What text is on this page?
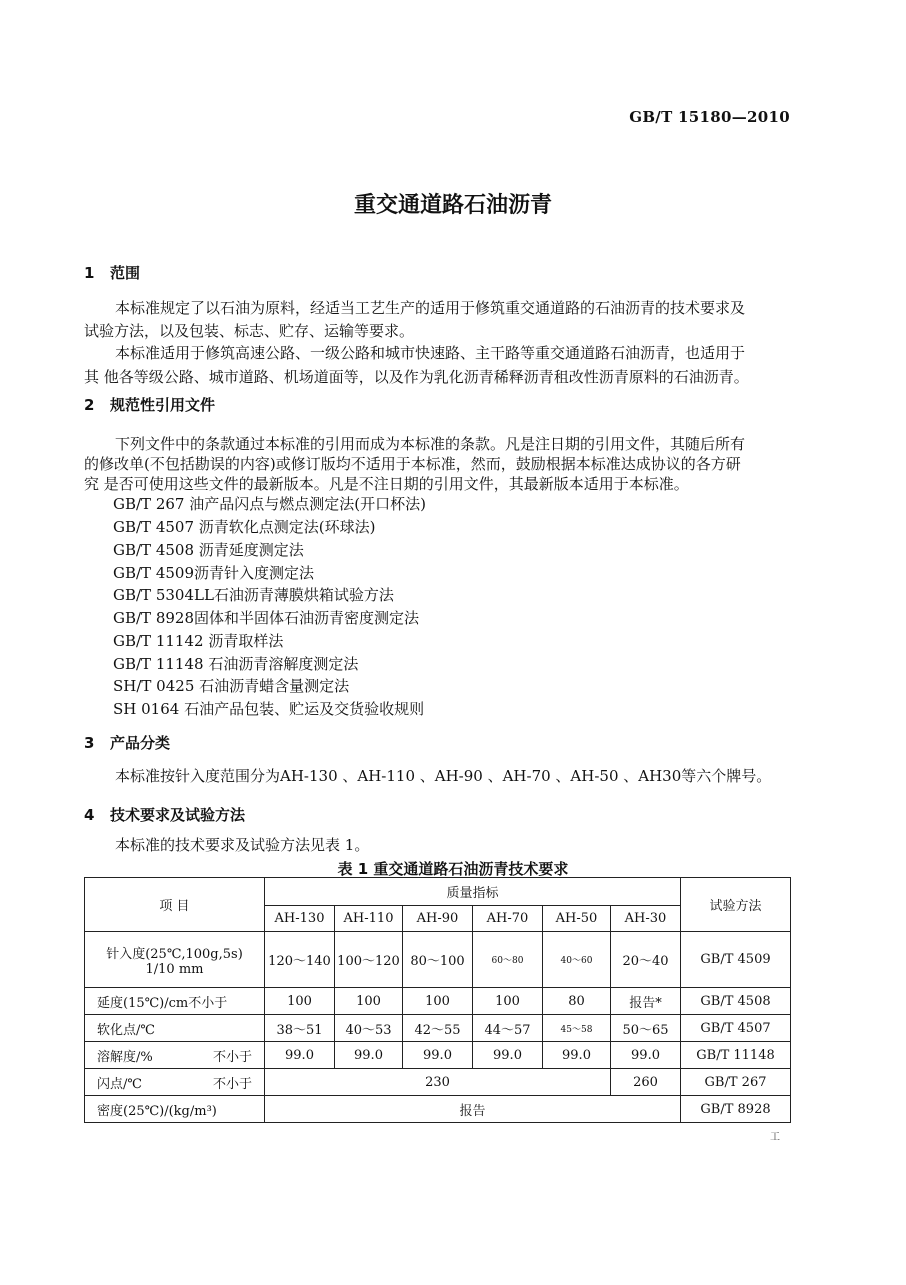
GB/T 15180—2010
重交通道路石油沥青
1 范围
本标准规定了以石油为原料，经适当工艺生产的适用于修筑重交通道路的石油沥青的技术要求及
试验方法，以及包装、标志、贮存、运输等要求。
本标准适用于修筑高速公路、一级公路和城市快速路、主干路等重交通道路石油沥青，也适用于
其 他各等级公路、城市道路、机场道面等，以及作为乳化沥青稀释沥青租改性沥青原料的石油沥青。
2 规范性引用文件
下列文件中的条款通过本标准的引用而成为本标准的条款。凡是注日期的引用文件，其随后所有
的修改单(不包括勘误的内容)或修订版均不适用于本标准，然而，鼓励根据本标准达成协议的各方研
究 是否可使用这些文件的最新版本。凡是不注日期的引用文件，其最新版本适用于本标准。
GB/T 267 油产品闪点与燃点测定法(开口杯法)
GB/T 4507 沥青软化点测定法(环球法)
GB/T 4508 沥青延度测定法
GB/T 4509沥青针入度测定法
GB/T 5304LL石油沥青薄膜烘箱试验方法
GB/T 8928固体和半固体石油沥青密度测定法
GB/T 11142 沥青取样法
GB/T 11148 石油沥青溶解度测定法
SH/T 0425 石油沥青蜡含量测定法
SH 0164 石油产品包装、贮运及交货验收规则
3 产品分类
本标准按针入度范围分为AH-130 、AH-110 、AH-90 、AH-70 、AH-50 、AH30等六个牌号。
4 技术要求及试验方法
本标准的技术要求及试验方法见表 1。
表 1 重交通道路石油沥青技术要求
项 目	质量指标						试验方法
	AH-130	AH-110	AH-90	AH-70	AH-50	AH-30	

针入度(25℃,100g,5s)
1/10 mm	120～140	100～120	80～100	60～80	40～60	20～40	GB/T 4509
延度(15℃)/cm不小于	100	100	100	100	80	报告*	GB/T 4508
软化点/℃	38～51	40～53	42～55	44～57	45～58	50～65	GB/T 4507

溶解度/% 不小于	99.0	99.0	99.0	99.0	99.0	99.0	GB/T 11148

闪点/℃ 不小于	230					260	GB/T 267
密度(25℃)/(kg/m³)	报告						GB/T 8928
工
